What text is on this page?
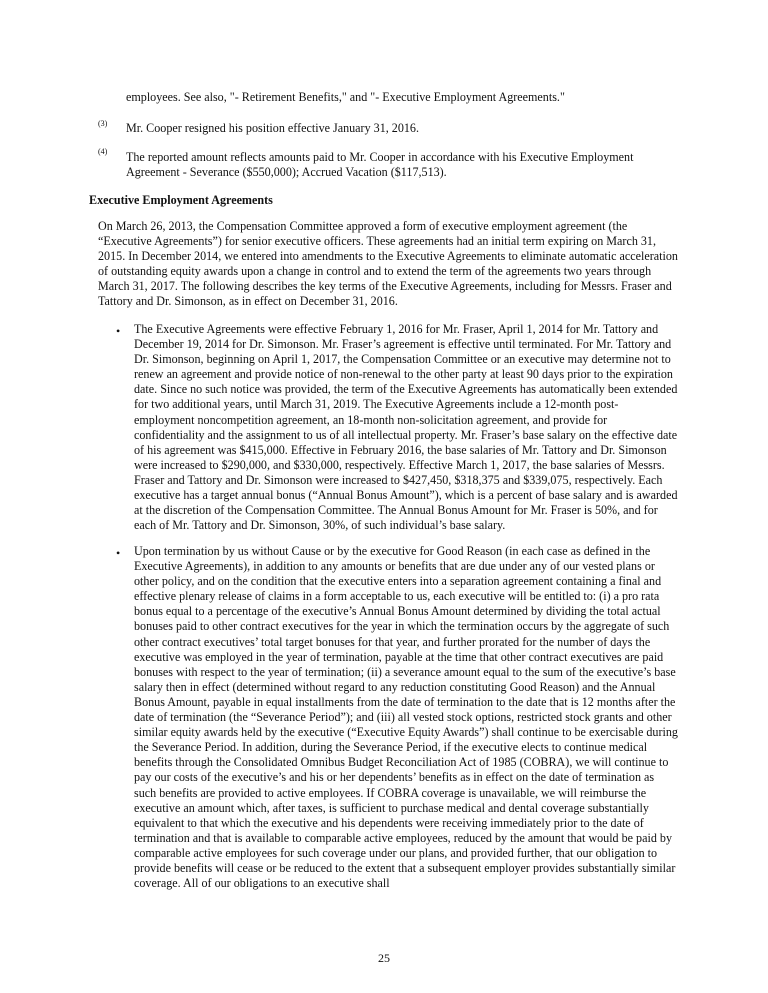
employees. See also, "- Retirement Benefits," and "- Executive Employment Agreements."

(3) Mr. Cooper resigned his position effective January 31, 2016.

(4) The reported amount reflects amounts paid to Mr. Cooper in accordance with his Executive Employment Agreement - Severance ($550,000); Accrued Vacation ($117,513).

Executive Employment Agreements

On March 26, 2013, the Compensation Committee approved a form of executive employment agreement (the “Executive Agreements”) for senior executive officers. These agreements had an initial term expiring on March 31, 2015. In December 2014, we entered into amendments to the Executive Agreements to eliminate automatic acceleration of outstanding equity awards upon a change in control and to extend the term of the agreements two years through March 31, 2017. The following describes the key terms of the Executive Agreements, including for Messrs. Fraser and Tattory and Dr. Simonson, as in effect on December 31, 2016.

• The Executive Agreements were effective February 1, 2016 for Mr. Fraser, April 1, 2014 for Mr. Tattory and December 19, 2014 for Dr. Simonson. Mr. Fraser’s agreement is effective until terminated. For Mr. Tattory and Dr. Simonson, beginning on April 1, 2017, the Compensation Committee or an executive may determine not to renew an agreement and provide notice of non-renewal to the other party at least 90 days prior to the expiration date. Since no such notice was provided, the term of the Executive Agreements has automatically been extended for two additional years, until March 31, 2019. The Executive Agreements include a 12-month post-employment noncompetition agreement, an 18-month non-solicitation agreement, and provide for confidentiality and the assignment to us of all intellectual property. Mr. Fraser’s base salary on the effective date of his agreement was $415,000. Effective in February 2016, the base salaries of Mr. Tattory and Dr. Simonson were increased to $290,000, and $330,000, respectively. Effective March 1, 2017, the base salaries of Messrs. Fraser and Tattory and Dr. Simonson were increased to $427,450, $318,375 and $339,075, respectively. Each executive has a target annual bonus (“Annual Bonus Amount”), which is a percent of base salary and is awarded at the discretion of the Compensation Committee. The Annual Bonus Amount for Mr. Fraser is 50%, and for each of Mr. Tattory and Dr. Simonson, 30%, of such individual’s base salary.

• Upon termination by us without Cause or by the executive for Good Reason (in each case as defined in the Executive Agreements), in addition to any amounts or benefits that are due under any of our vested plans or other policy, and on the condition that the executive enters into a separation agreement containing a final and effective plenary release of claims in a form acceptable to us, each executive will be entitled to: (i) a pro rata bonus equal to a percentage of the executive’s Annual Bonus Amount determined by dividing the total actual bonuses paid to other contract executives for the year in which the termination occurs by the aggregate of such other contract executives’ total target bonuses for that year, and further prorated for the number of days the executive was employed in the year of termination, payable at the time that other contract executives are paid bonuses with respect to the year of termination; (ii) a severance amount equal to the sum of the executive’s base salary then in effect (determined without regard to any reduction constituting Good Reason) and the Annual Bonus Amount, payable in equal installments from the date of termination to the date that is 12 months after the date of termination (the “Severance Period”); and (iii) all vested stock options, restricted stock grants and other similar equity awards held by the executive (“Executive Equity Awards”) shall continue to be exercisable during the Severance Period. In addition, during the Severance Period, if the executive elects to continue medical benefits through the Consolidated Omnibus Budget Reconciliation Act of 1985 (COBRA), we will continue to pay our costs of the executive’s and his or her dependents’ benefits as in effect on the date of termination as such benefits are provided to active employees. If COBRA coverage is unavailable, we will reimburse the executive an amount which, after taxes, is sufficient to purchase medical and dental coverage substantially equivalent to that which the executive and his dependents were receiving immediately prior to the date of termination and that is available to comparable active employees, reduced by the amount that would be paid by comparable active employees for such coverage under our plans, and provided further, that our obligation to provide benefits will cease or be reduced to the extent that a subsequent employer provides substantially similar coverage. All of our obligations to an executive shall

25
